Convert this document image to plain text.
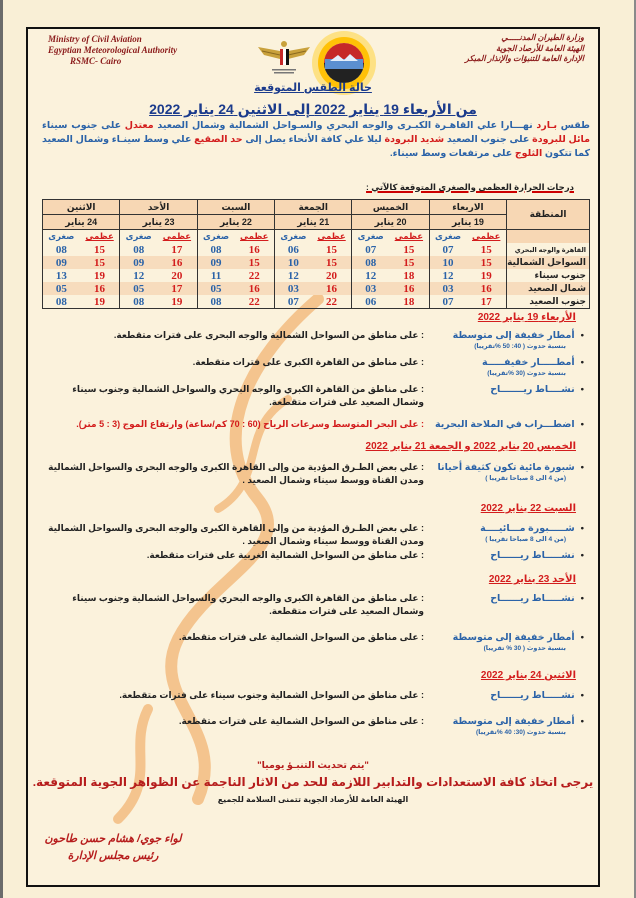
Ministry of Civil Aviation
Egyptian Meteorological Authority
RSMC- Cairo
وزارة الطيران المدنـــــي
الهيئة العامة للأرصاد الجوية
الإدارة العامة للتنبؤات والإنذار المبكر
حالة الطقس المتوقعة
من الأربعاء 19 يناير 2022 إلى الاثنين 24 يناير 2022
طقس بـارد نهـــارا علي القاهـرة الكبـرى والوجه البحري والسـواحل الشمالية وشمال الصعيد معتدل على جنوب سيناء مائل للبرودة على جنوب الصعيد شديد البرودة ليلا علي كافة الأنحاء يصل إلى حد الصقيع علي وسط سينـاء وشمال الصعيد كما تتكون الثلوج على مرتفعات وسط سيناء.
درجات الحرارة العظمى والصغرى المتوقعة كالآتي :
المنطقة	الاربعاء		الخميس		الجمعة		السبت		الأحد		الاثنين	
	19 يناير		20 يناير		21 يناير		22 يناير		23 يناير		24 يناير	
	عظمى	صغرى	عظمى	صغرى	عظمى	صغرى	عظمى	صغرى	عظمى	صغرى	عظمى	صغرى
القاهرة والوجه البحري	15	07	15	07	15	06	16	08	17	08	15	08
السواحل الشمالية	15	10	15	08	15	10	15	09	16	09	15	09
جنوب سيناء	19	12	18	12	20	12	22	11	20	12	19	13
شمال الصعيد	16	03	16	03	16	03	16	05	17	05	16	05
جنوب الصعيد	17	07	18	06	22	07	22	08	19	08	19	08
الأربعاء 19 يناير 2022
•أمطار خفيفة إلى متوسطة
بنسبة حدوث ( 40: 50 %تقريبا)
: على مناطق من السواحل الشمالية والوجه البحرى على فترات متقطعة.
•أمطـــــار خفيفـــــة
بنسبة حدوث (30 %تقريبا)
: على مناطق من القاهرة الكبرى على فترات متقطعة.
•نشــــاط ريـــــــاح
: على مناطق من القاهرة الكبري والوجه البحري والسواحل الشمالية وجنوب سيناء وشمال الصعيد على فترات متقطعة.
•اضطـــراب في الملاحة البحرية
: على البحر المتوسط وسرعات الرياح (60 : 70 كم/ساعة) وارتفاع الموج (3 : 5 متر).
الخميس 20 يناير 2022 و الجمعة 21 يناير 2022
•شبورة مائية تكون كثيفة أحيانا
(من 4 الى 8 صباحا تقريبا )
: علي بعض الطـرق المؤدية من وإلى القاهرة الكبرى والوجه البحرى والسواحل الشمالية ومدن القناة ووسط سيناء وشمال الصعيد .
السبت 22 يناير 2022
•شـــــبورة مـــائيــــة
(من 4 الى 8 صباحا تقريبا )
: علي بعض الطـرق المؤدية من وإلى القاهرة الكبرى والوجه البحرى والسواحل الشمالية ومدن القناة ووسط سيناء وشمال الصعيد .
•نشـــــاط ريــــــاح
: على مناطق من السواحل الشمالية الغربية على فترات متقطعة.
الأحد 23 يناير 2022
•نشـــــاط ريــــــاح
: على مناطق من القاهرة الكبرى والوجه البحري والسواحل الشمالية وجنوب سيناء وشمال الصعيد على فترات متقطعة.
•أمطار خفيفة إلى متوسطة
بنسبة حدوث ( 30 % تقريبا)
: على مناطق من السواحل الشمالية على فترات متقطعة.
الاثنين 24 يناير 2022
•نشـــــاط ريــــــاح
: على مناطق من السواحل الشمالية وجنوب سيناء على فترات متقطعة.
•أمطار خفيفة إلى متوسطة
بنسبة حدوث (30: 40 %تقريبا)
: على مناطق من السواحل الشمالية على فترات متقطعة.
"يتم تحديث التنبـؤ يوميا"
يرجى اتخاذ كافة الاستعدادات والتدابير اللازمة للحد من الاثار الناجمة عن الظواهر الجوية المتوقعة.
الهيئة العامة للأرصاد الجوية تتمنى السلامة للجميع
لواء جوي/ هشام حسن طاحون
رئيس مجلس الإدارة
